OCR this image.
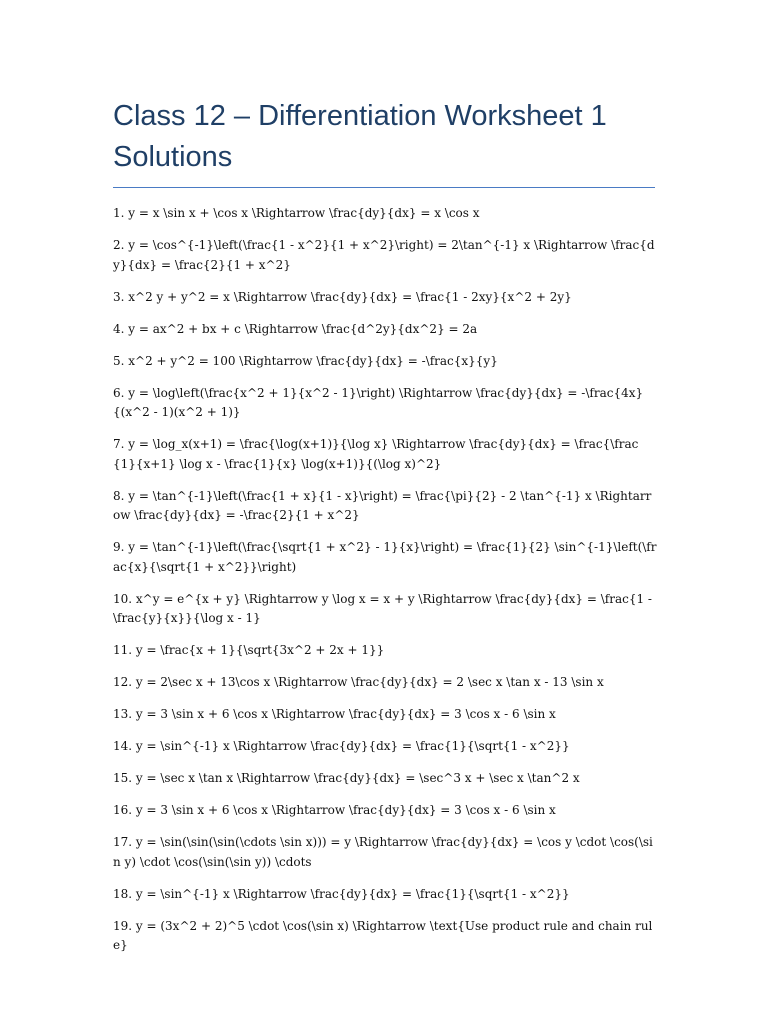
Class 12 – Differentiation Worksheet 1 Solutions
1. y = x \sin x + \cos x \Rightarrow \frac{dy}{dx} = x \cos x
2. y = \cos^{-1}\left(\frac{1 - x^2}{1 + x^2}\right) = 2\tan^{-1} x \Rightarrow \frac{dy}{dx} = \frac{2}{1 + x^2}
3. x^2 y + y^2 = x \Rightarrow \frac{dy}{dx} = \frac{1 - 2xy}{x^2 + 2y}
4. y = ax^2 + bx + c \Rightarrow \frac{d^2y}{dx^2} = 2a
5. x^2 + y^2 = 100 \Rightarrow \frac{dy}{dx} = -\frac{x}{y}
6. y = \log\left(\frac{x^2 + 1}{x^2 - 1}\right) \Rightarrow \frac{dy}{dx} = -\frac{4x}{(x^2 - 1)(x^2 + 1)}
7. y = \log_x(x+1) = \frac{\log(x+1)}{\log x} \Rightarrow \frac{dy}{dx} = \frac{\frac{1}{x+1} \log x - \frac{1}{x} \log(x+1)}{(\log x)^2}
8. y = \tan^{-1}\left(\frac{1 + x}{1 - x}\right) = \frac{\pi}{2} - 2 \tan^{-1} x \Rightarrow \frac{dy}{dx} = -\frac{2}{1 + x^2}
9. y = \tan^{-1}\left(\frac{\sqrt{1 + x^2} - 1}{x}\right) = \frac{1}{2} \sin^{-1}\left(\frac{x}{\sqrt{1 + x^2}}\right)
10. x^y = e^{x + y} \Rightarrow y \log x = x + y \Rightarrow \frac{dy}{dx} = \frac{1 - \frac{y}{x}}{\log x - 1}
11. y = \frac{x + 1}{\sqrt{3x^2 + 2x + 1}}
12. y = 2\sec x + 13\cos x \Rightarrow \frac{dy}{dx} = 2 \sec x \tan x - 13 \sin x
13. y = 3 \sin x + 6 \cos x \Rightarrow \frac{dy}{dx} = 3 \cos x - 6 \sin x
14. y = \sin^{-1} x \Rightarrow \frac{dy}{dx} = \frac{1}{\sqrt{1 - x^2}}
15. y = \sec x \tan x \Rightarrow \frac{dy}{dx} = \sec^3 x + \sec x \tan^2 x
16. y = 3 \sin x + 6 \cos x \Rightarrow \frac{dy}{dx} = 3 \cos x - 6 \sin x
17. y = \sin(\sin(\sin(\cdots \sin x))) = y \Rightarrow \frac{dy}{dx} = \cos y \cdot \cos(\sin y) \cdot \cos(\sin(\sin y)) \cdots
18. y = \sin^{-1} x \Rightarrow \frac{dy}{dx} = \frac{1}{\sqrt{1 - x^2}}
19. y = (3x^2 + 2)^5 \cdot \cos(\sin x) \Rightarrow \text{Use product rule and chain rule}
